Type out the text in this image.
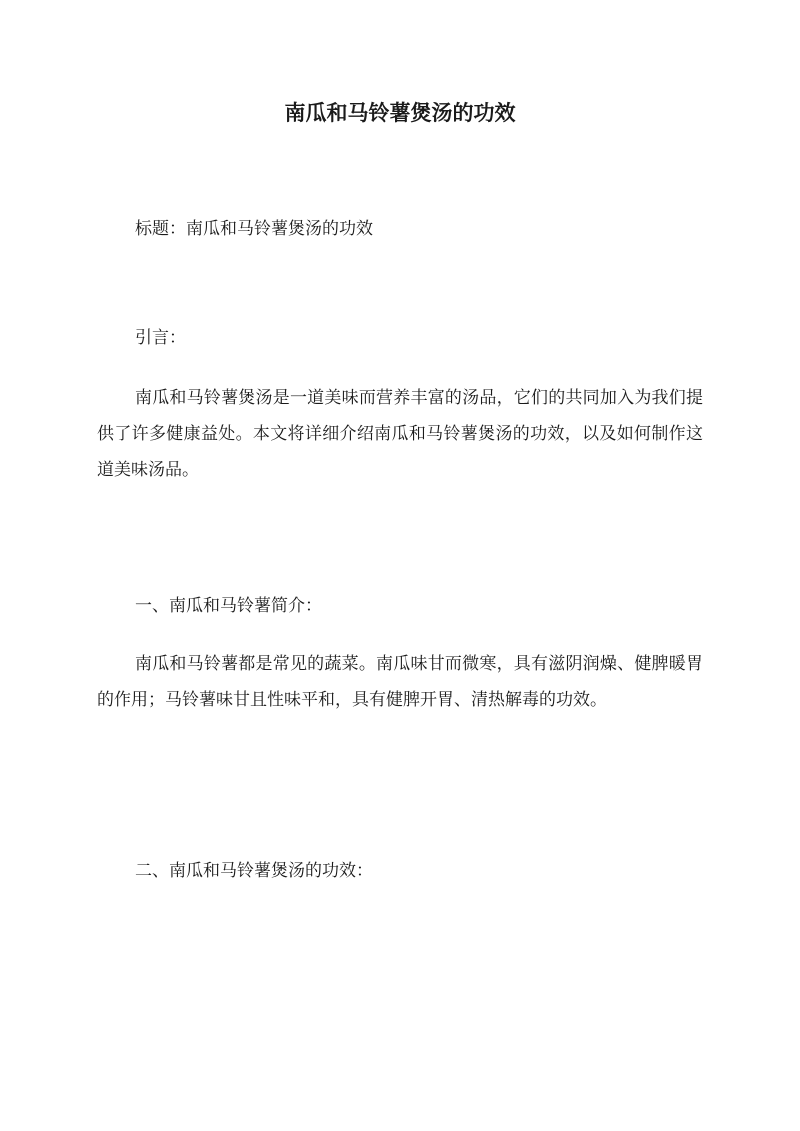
南瓜和马铃薯煲汤的功效

标题：南瓜和马铃薯煲汤的功效

引言：

南瓜和马铃薯煲汤是一道美味而营养丰富的汤品，它们的共同加入为我们提供了许多健康益处。本文将详细介绍南瓜和马铃薯煲汤的功效，以及如何制作这道美味汤品。

一、南瓜和马铃薯简介：

南瓜和马铃薯都是常见的蔬菜。南瓜味甘而微寒，具有滋阴润燥、健脾暖胃的作用；马铃薯味甘且性味平和，具有健脾开胃、清热解毒的功效。

二、南瓜和马铃薯煲汤的功效：
